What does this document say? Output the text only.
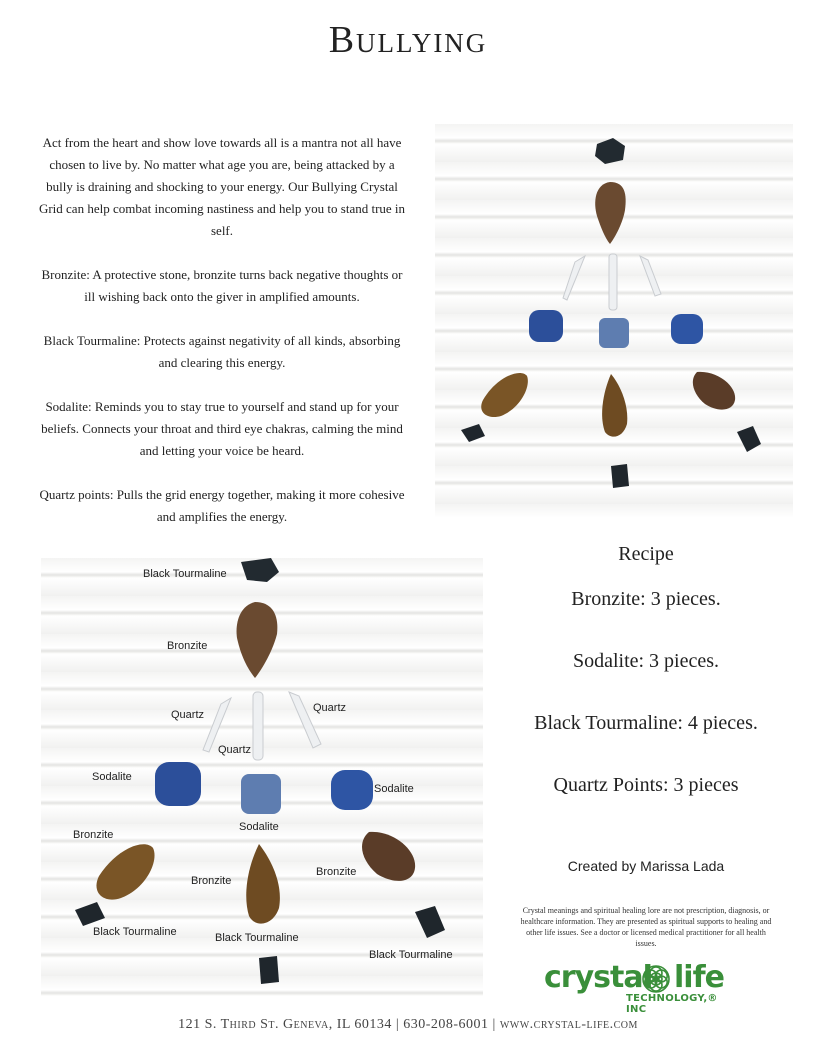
Bullying

Act from the heart and show love towards all is a mantra not all have chosen to live by. No matter what age you are, being attacked by a bully is draining and shocking to your energy. Our Bullying Crystal Grid can help combat incoming nastiness and help you to stand true in self.

Bronzite: A protective stone, bronzite turns back negative thoughts or ill wishing back onto the giver in amplified amounts.

Black Tourmaline: Protects against negativity of all kinds, absorbing and clearing this energy.

Sodalite: Reminds you to stay true to yourself and stand up for your beliefs. Connects your throat and third eye chakras, calming the mind and letting your voice be heard.

Quartz points: Pulls the grid energy together, making it more cohesive and amplifies the energy.

Black Tourmaline
Bronzite
Quartz
Quartz
Quartz
Sodalite
Sodalite
Sodalite
Bronzite
Bronzite
Bronzite
Black Tourmaline	Black Tourmaline
Black Tourmaline
Recipe
Bronzite: 3 pieces.
Sodalite: 3 pieces.
Black Tourmaline: 4 pieces.
Quartz Points: 3 pieces
Created by Marissa Lada
Crystal meanings and spiritual healing lore are not prescription, diagnosis, or healthcare information. They are presented as spiritual supports to healing and other life issues. See a doctor or licensed medical practitioner for all health issues.
crystal life
TECHNOLOGY,® INC
121 S. Third St. Geneva, IL 60134 | 630-208-6001 | www.crystal-life.com
